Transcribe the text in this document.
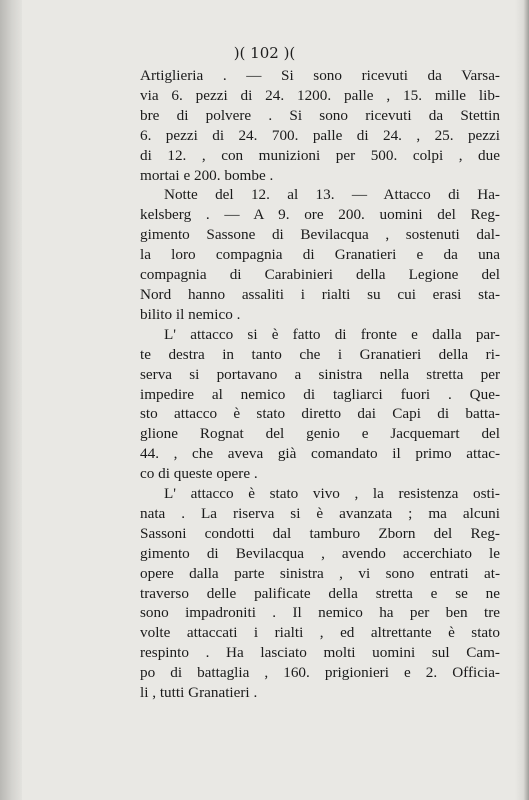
)( 102 )(
Artiglieria . — Si sono ricevuti da Varsa-
via 6. pezzi di 24. 1200. palle , 15. mille lib-
bre di polvere . Si sono ricevuti da Stettin
6. pezzi di 24. 700. palle di 24. , 25. pezzi
di 12. , con munizioni per 500. colpi , due
mortai e 200. bombe .
Notte del 12. al 13. — Attacco di Ha-
kelsberg . — A 9. ore 200. uomini del Reg-
gimento Sassone di Bevilacqua , sostenuti dal-
la loro compagnia di Granatieri e da una
compagnia di Carabinieri della Legione del
Nord hanno assaliti i rialti su cui erasi sta-
bilito il nemico .
L' attacco si è fatto di fronte e dalla par-
te destra in tanto che i Granatieri della ri-
serva si portavano a sinistra nella stretta per
impedire al nemico di tagliarci fuori . Que-
sto attacco è stato diretto dai Capi di batta-
glione Rognat del genio e Jacquemart del
44. , che aveva già comandato il primo attac-
co di queste opere .
L' attacco è stato vivo , la resistenza osti-
nata . La riserva si è avanzata ; ma alcuni
Sassoni condotti dal tamburo Zborn del Reg-
gimento di Bevilacqua , avendo accerchiato le
opere dalla parte sinistra , vi sono entrati at-
traverso delle palificate della stretta e se ne
sono impadroniti . Il nemico ha per ben tre
volte attaccati i rialti , ed altrettante è stato
respinto . Ha lasciato molti uomini sul Cam-
po di battaglia , 160. prigionieri e 2. Officia-
li , tutti Granatieri .
